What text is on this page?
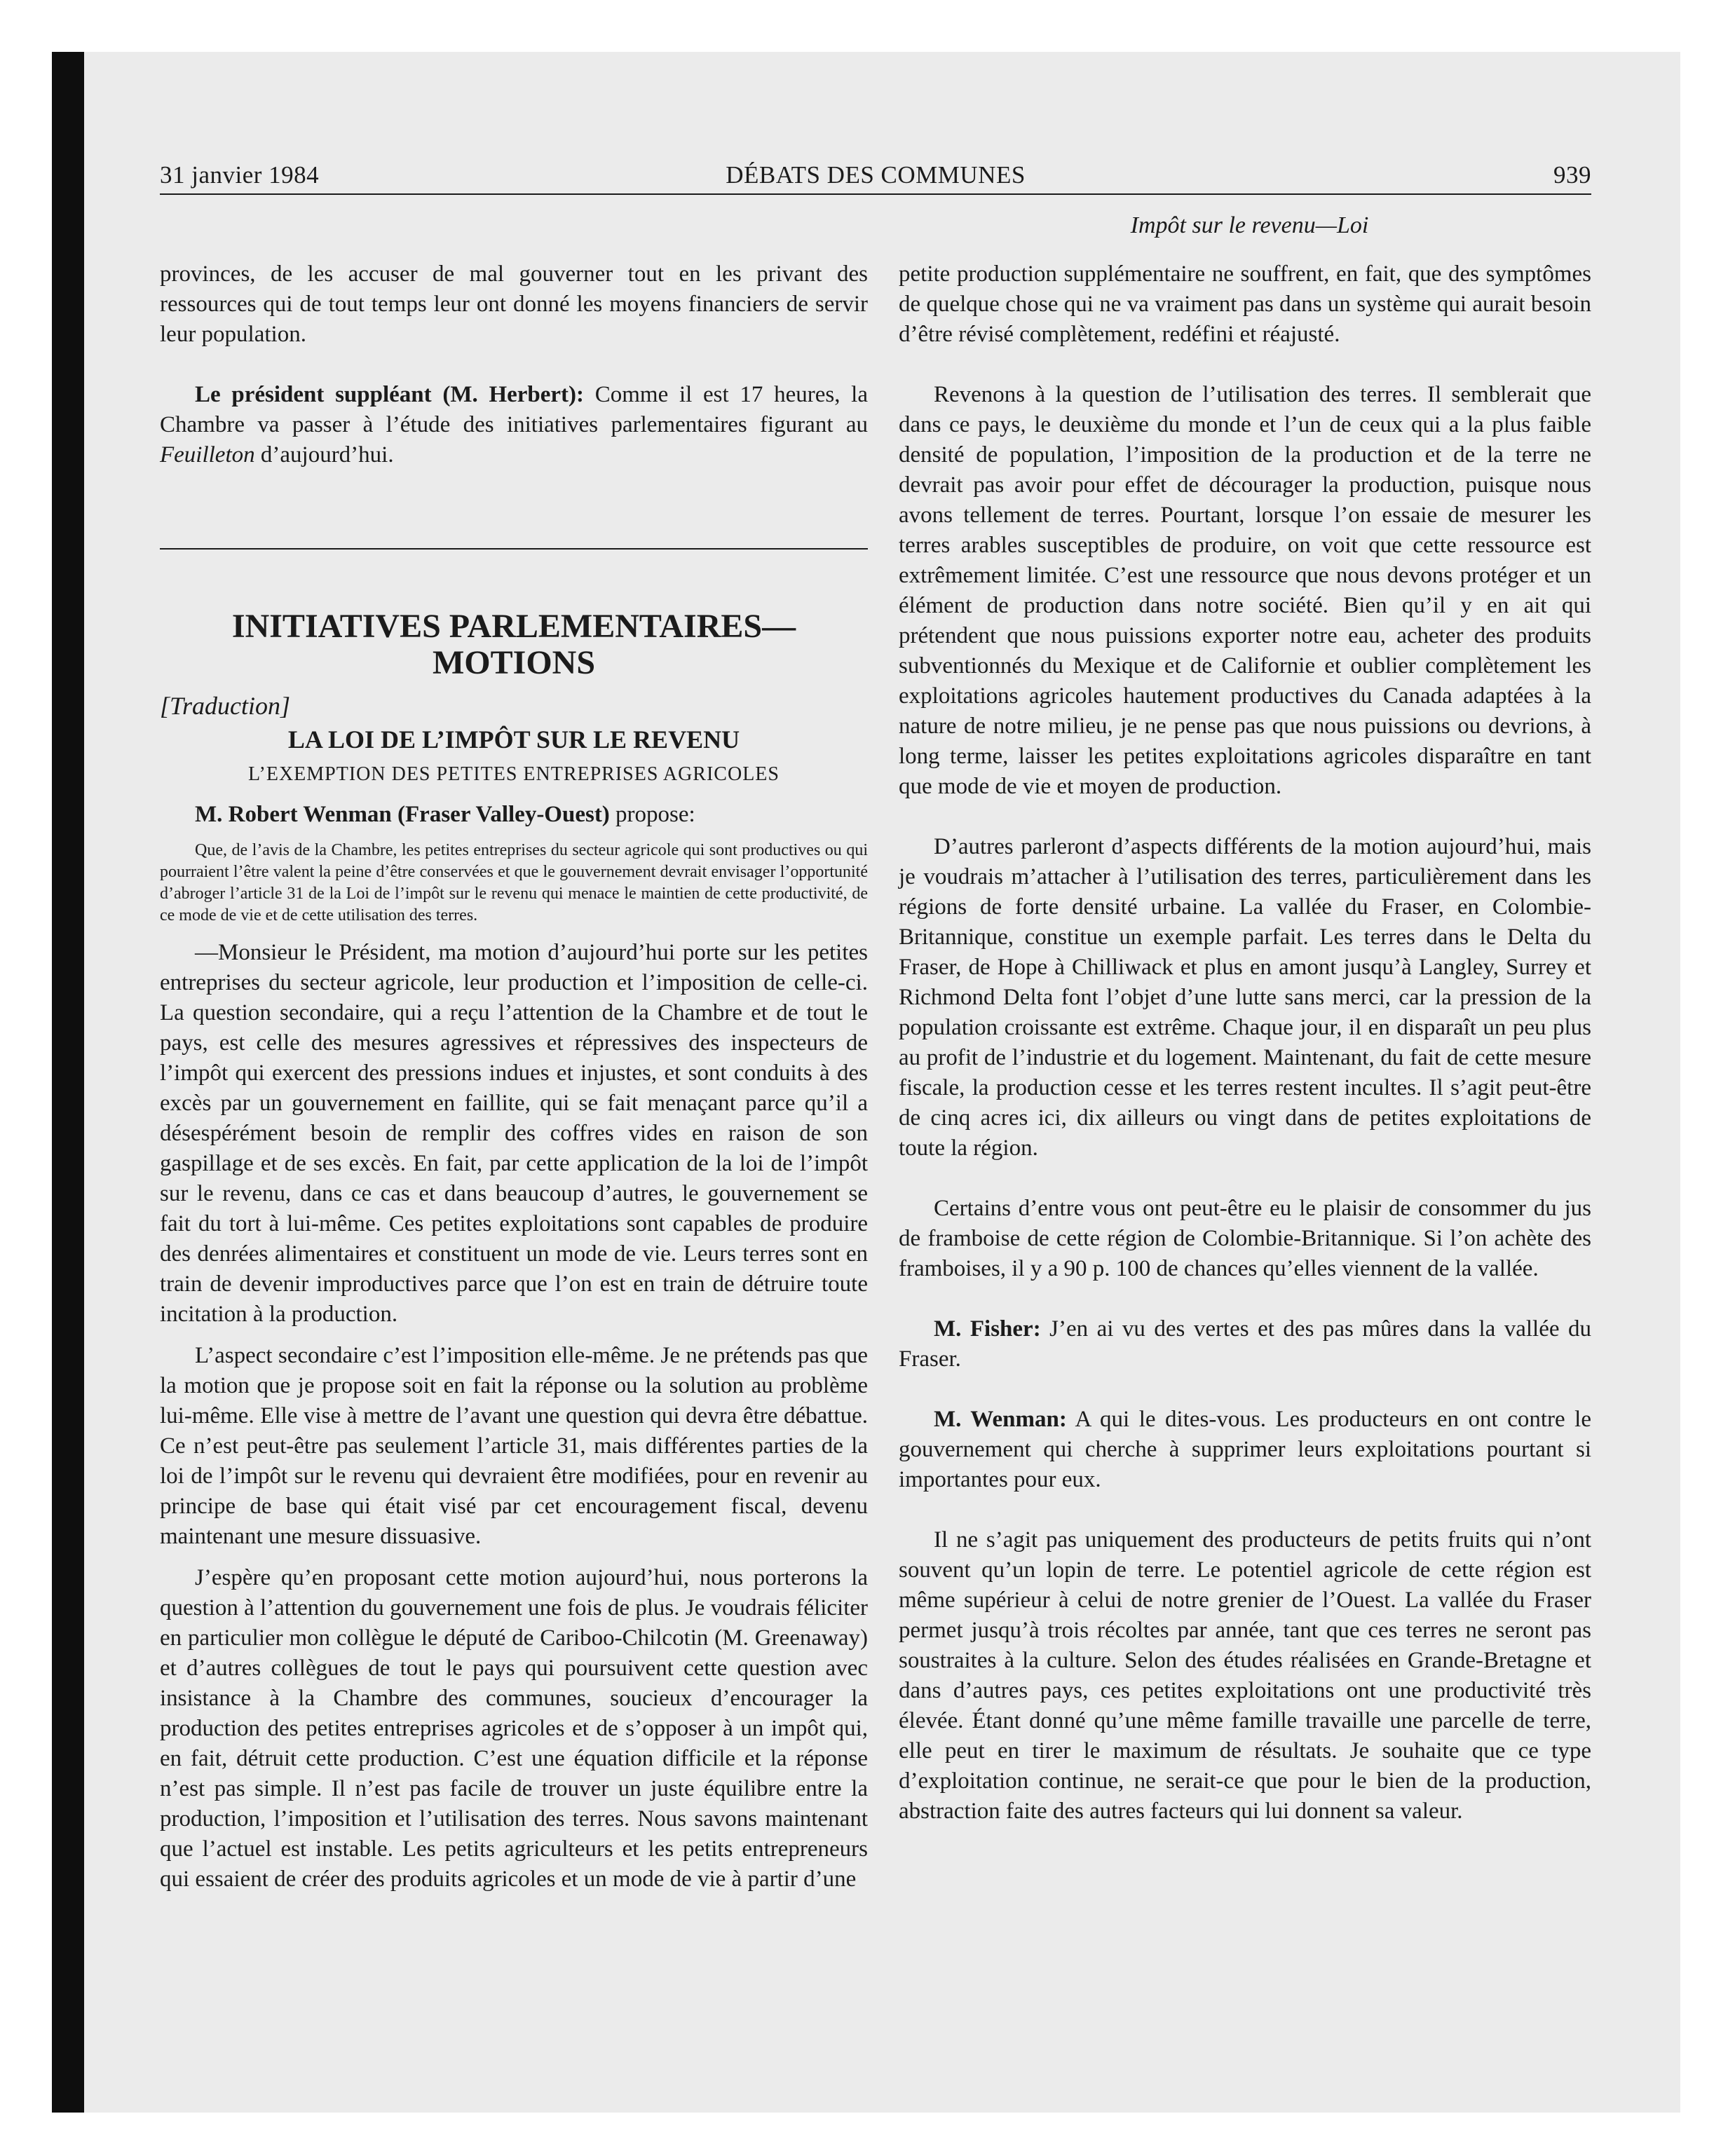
31 janvier 1984	DÉBATS DES COMMUNES	939
Impôt sur le revenu—Loi

provinces, de les accuser de mal gouverner tout en les privant des ressources qui de tout temps leur ont donné les moyens financiers de servir leur population.

Le président suppléant (M. Herbert): Comme il est 17 heures, la Chambre va passer à l’étude des initiatives parlementaires figurant au Feuilleton d’aujourd’hui.

INITIATIVES PARLEMENTAIRES—
MOTIONS

[Traduction]

LA LOI DE L’IMPÔT SUR LE REVENU

L’EXEMPTION DES PETITES ENTREPRISES AGRICOLES

M. Robert Wenman (Fraser Valley-Ouest) propose:

Que, de l’avis de la Chambre, les petites entreprises du secteur agricole qui sont productives ou qui pourraient l’être valent la peine d’être conservées et que le gouvernement devrait envisager l’opportunité d’abroger l’article 31 de la Loi de l’impôt sur le revenu qui menace le maintien de cette productivité, de ce mode de vie et de cette utilisation des terres.

—Monsieur le Président, ma motion d’aujourd’hui porte sur les petites entreprises du secteur agricole, leur production et l’imposition de celle-ci. La question secondaire, qui a reçu l’attention de la Chambre et de tout le pays, est celle des mesures agressives et répressives des inspecteurs de l’impôt qui exercent des pressions indues et injustes, et sont conduits à des excès par un gouvernement en faillite, qui se fait menaçant parce qu’il a désespérément besoin de remplir des coffres vides en raison de son gaspillage et de ses excès. En fait, par cette application de la loi de l’impôt sur le revenu, dans ce cas et dans beaucoup d’autres, le gouvernement se fait du tort à lui-même. Ces petites exploitations sont capables de produire des denrées alimentaires et constituent un mode de vie. Leurs terres sont en train de devenir improductives parce que l’on est en train de détruire toute incitation à la production.

L’aspect secondaire c’est l’imposition elle-même. Je ne prétends pas que la motion que je propose soit en fait la réponse ou la solution au problème lui-même. Elle vise à mettre de l’avant une question qui devra être débattue. Ce n’est peut-être pas seulement l’article 31, mais différentes parties de la loi de l’impôt sur le revenu qui devraient être modifiées, pour en revenir au principe de base qui était visé par cet encouragement fiscal, devenu maintenant une mesure dissuasive.

J’espère qu’en proposant cette motion aujourd’hui, nous porterons la question à l’attention du gouvernement une fois de plus. Je voudrais féliciter en particulier mon collègue le député de Cariboo-Chilcotin (M. Greenaway) et d’autres collègues de tout le pays qui poursuivent cette question avec insistance à la Chambre des communes, soucieux d’encourager la production des petites entreprises agricoles et de s’opposer à un impôt qui, en fait, détruit cette production. C’est une équation difficile et la réponse n’est pas simple. Il n’est pas facile de trouver un juste équilibre entre la production, l’imposition et l’utilisation des terres. Nous savons maintenant que l’actuel est instable. Les petits agriculteurs et les petits entrepreneurs qui essaient de créer des produits agricoles et un mode de vie à partir d’une

petite production supplémentaire ne souffrent, en fait, que des symptômes de quelque chose qui ne va vraiment pas dans un système qui aurait besoin d’être révisé complètement, redéfini et réajusté.

Revenons à la question de l’utilisation des terres. Il semblerait que dans ce pays, le deuxième du monde et l’un de ceux qui a la plus faible densité de population, l’imposition de la production et de la terre ne devrait pas avoir pour effet de décourager la production, puisque nous avons tellement de terres. Pourtant, lorsque l’on essaie de mesurer les terres arables susceptibles de produire, on voit que cette ressource est extrêmement limitée. C’est une ressource que nous devons protéger et un élément de production dans notre société. Bien qu’il y en ait qui prétendent que nous puissions exporter notre eau, acheter des produits subventionnés du Mexique et de Californie et oublier complètement les exploitations agricoles hautement productives du Canada adaptées à la nature de notre milieu, je ne pense pas que nous puissions ou devrions, à long terme, laisser les petites exploitations agricoles disparaître en tant que mode de vie et moyen de production.

D’autres parleront d’aspects différents de la motion aujourd’hui, mais je voudrais m’attacher à l’utilisation des terres, particulièrement dans les régions de forte densité urbaine. La vallée du Fraser, en Colombie-Britannique, constitue un exemple parfait. Les terres dans le Delta du Fraser, de Hope à Chilliwack et plus en amont jusqu’à Langley, Surrey et Richmond Delta font l’objet d’une lutte sans merci, car la pression de la population croissante est extrême. Chaque jour, il en disparaît un peu plus au profit de l’industrie et du logement. Maintenant, du fait de cette mesure fiscale, la production cesse et les terres restent incultes. Il s’agit peut-être de cinq acres ici, dix ailleurs ou vingt dans de petites exploitations de toute la région.

Certains d’entre vous ont peut-être eu le plaisir de consommer du jus de framboise de cette région de Colombie-Britannique. Si l’on achète des framboises, il y a 90 p. 100 de chances qu’elles viennent de la vallée.

M. Fisher: J’en ai vu des vertes et des pas mûres dans la vallée du Fraser.

M. Wenman: A qui le dites-vous. Les producteurs en ont contre le gouvernement qui cherche à supprimer leurs exploitations pourtant si importantes pour eux.

Il ne s’agit pas uniquement des producteurs de petits fruits qui n’ont souvent qu’un lopin de terre. Le potentiel agricole de cette région est même supérieur à celui de notre grenier de l’Ouest. La vallée du Fraser permet jusqu’à trois récoltes par année, tant que ces terres ne seront pas soustraites à la culture. Selon des études réalisées en Grande-Bretagne et dans d’autres pays, ces petites exploitations ont une productivité très élevée. Étant donné qu’une même famille travaille une parcelle de terre, elle peut en tirer le maximum de résultats. Je souhaite que ce type d’exploitation continue, ne serait-ce que pour le bien de la production, abstraction faite des autres facteurs qui lui donnent sa valeur.
